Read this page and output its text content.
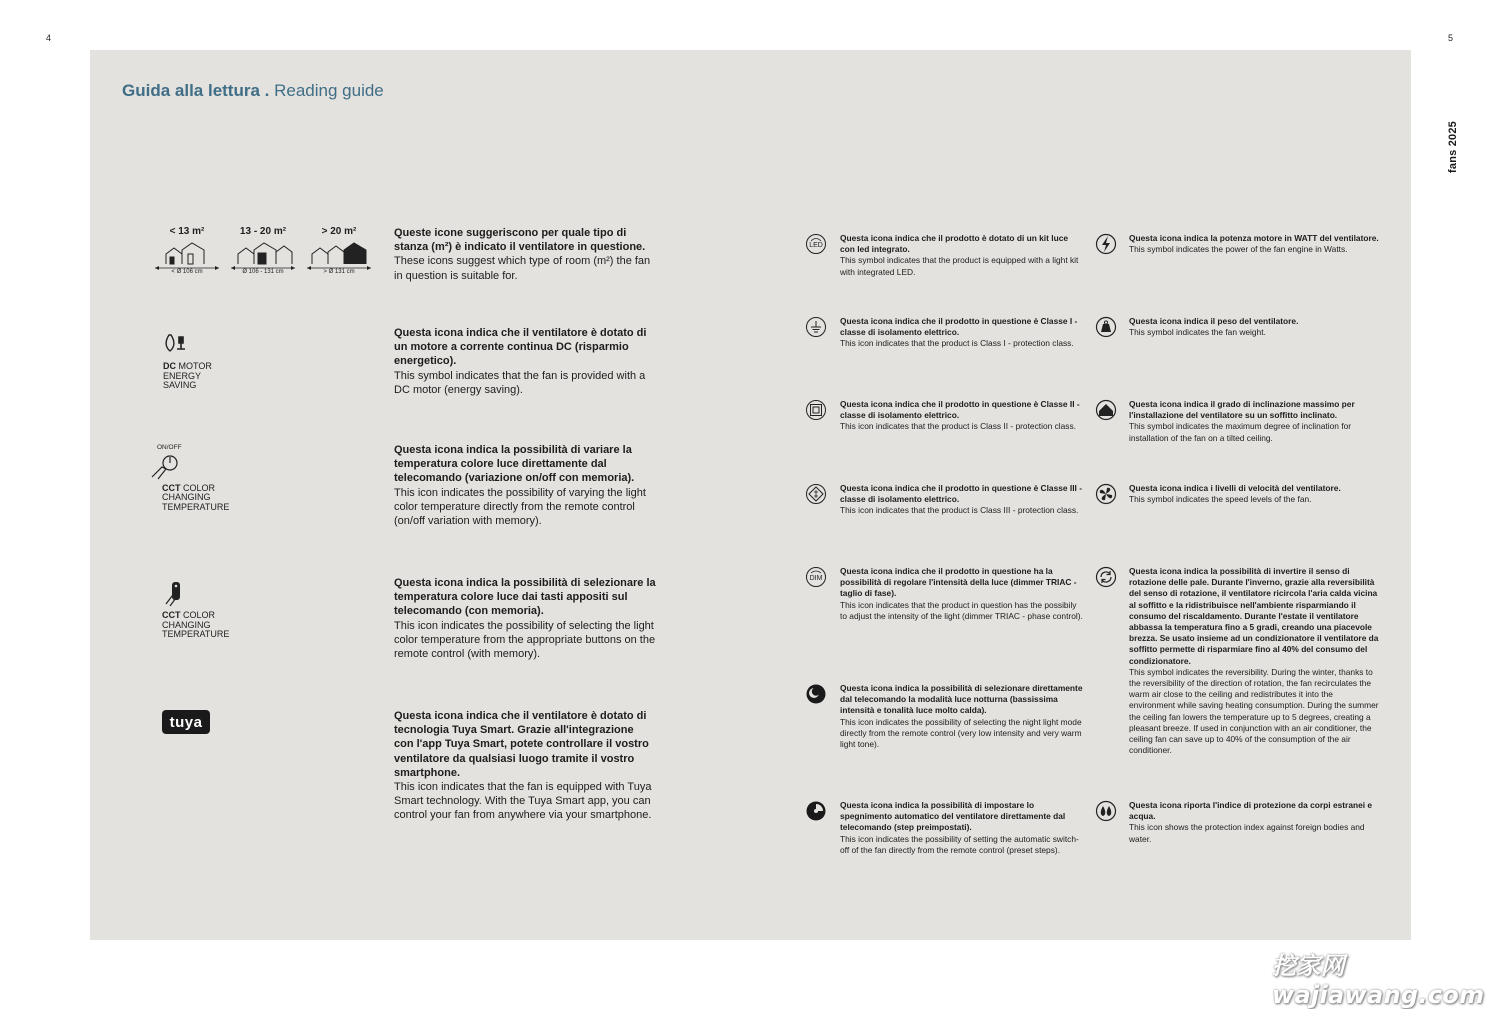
4	5
fans 2025
Guida alla lettura . Reading guide
< 13 m²
< Ø 106 cm
13 - 20 m²
Ø 106 - 131 cm
> 20 m²
> Ø 131 cm
DC MOTOR
ENERGY
SAVING
ON/OFF
CCT COLOR
CHANGING
TEMPERATURE
CCT COLOR
CHANGING
TEMPERATURE
tuya
Queste icone suggeriscono per quale tipo di stanza (m²) è indicato il ventilatore in questione.
These icons suggest which type of room (m²) the fan in question is suitable for.
Questa icona indica che il ventilatore è dotato di un motore a corrente continua DC (risparmio energetico).
This symbol indicates that the fan is provided with a DC motor (energy saving).
Questa icona indica la possibilità di variare la temperatura colore luce direttamente dal telecomando (variazione on/off con memoria).
This icon indicates the possibility of varying the light color temperature directly from the remote control (on/off variation with memory).
Questa icona indica la possibilità di selezionare la temperatura colore luce dai tasti appositi sul telecomando (con memoria).
This icon indicates the possibility of selecting the light color temperature from the appropriate buttons on the remote control (with memory).
Questa icona indica che il ventilatore è dotato di tecnologia Tuya Smart. Grazie all'integrazione con l'app Tuya Smart, potete controllare il vostro ventilatore da qualsiasi luogo tramite il vostro smartphone.
This icon indicates that the fan is equipped with Tuya Smart technology. With the Tuya Smart app, you can control your fan from anywhere via your smartphone.
LED
DIM
Questa icona indica che il prodotto è dotato di un kit luce con led integrato.
This symbol indicates that the product is equipped with a light kit with integrated LED.
Questa icona indica che il prodotto in questione è Classe I - classe di isolamento elettrico.
This icon indicates that the product is Class I - protection class.
Questa icona indica che il prodotto in questione è Classe II - classe di isolamento elettrico.
This icon indicates that the product is Class II - protection class.
Questa icona indica che il prodotto in questione è Classe III - classe di isolamento elettrico.
This icon indicates that the product is Class III - protection class.
Questa icona indica che il prodotto in questione ha la possibilità di regolare l'intensità della luce (dimmer TRIAC - taglio di fase).
This icon indicates that the product in question has the possibily to adjust the intensity of the light (dimmer TRIAC - phase control).
Questa icona indica la possibilità di selezionare direttamente dal telecomando la modalità luce notturna (bassissima intensità e tonalità luce molto calda).
This icon indicates the possibility of selecting the night light mode directly from the remote control (very low intensity and very warm light tone).
Questa icona indica la possibilità di impostare lo spegnimento automatico del ventilatore direttamente dal telecomando (step preimpostati).
This icon indicates the possibility of setting the automatic switch-off of the fan directly from the remote control (preset steps).
Questa icona indica la potenza motore in WATT del ventilatore.
This symbol indicates the power of the fan engine in Watts.
Questa icona indica il peso del ventilatore.
This symbol indicates the fan weight.
Questa icona indica il grado di inclinazione massimo per l'installazione del ventilatore su un soffitto inclinato.
This symbol indicates the maximum degree of inclination for installation of the fan on a tilted ceiling.
Questa icona indica i livelli di velocità del ventilatore.
This symbol indicates the speed levels of the fan.
Questa icona indica la possibilità di invertire il senso di rotazione delle pale. Durante l'inverno, grazie alla reversibilità del senso di rotazione, il ventilatore ricircola l'aria calda vicina al soffitto e la ridistribuisce nell'ambiente risparmiando il consumo del riscaldamento. Durante l'estate il ventilatore abbassa la temperatura fino a 5 gradi, creando una piacevole brezza. Se usato insieme ad un condizionatore il ventilatore da soffitto permette di risparmiare fino al 40% del consumo del condizionatore.
This symbol indicates the reversibility. During the winter, thanks to the reversibility of the direction of rotation, the fan recirculates the warm air close to the ceiling and redistributes it into the environment while saving heating consumption. During the summer the ceiling fan lowers the temperature up to 5 degrees, creating a pleasant breeze. If used in conjunction with an air conditioner, the ceiling fan can save up to 40% of the consumption of the air conditioner.
Questa icona riporta l'indice di protezione da corpi estranei e acqua.
This icon shows the protection index against foreign bodies and water.
挖家网 wajiawang.com
